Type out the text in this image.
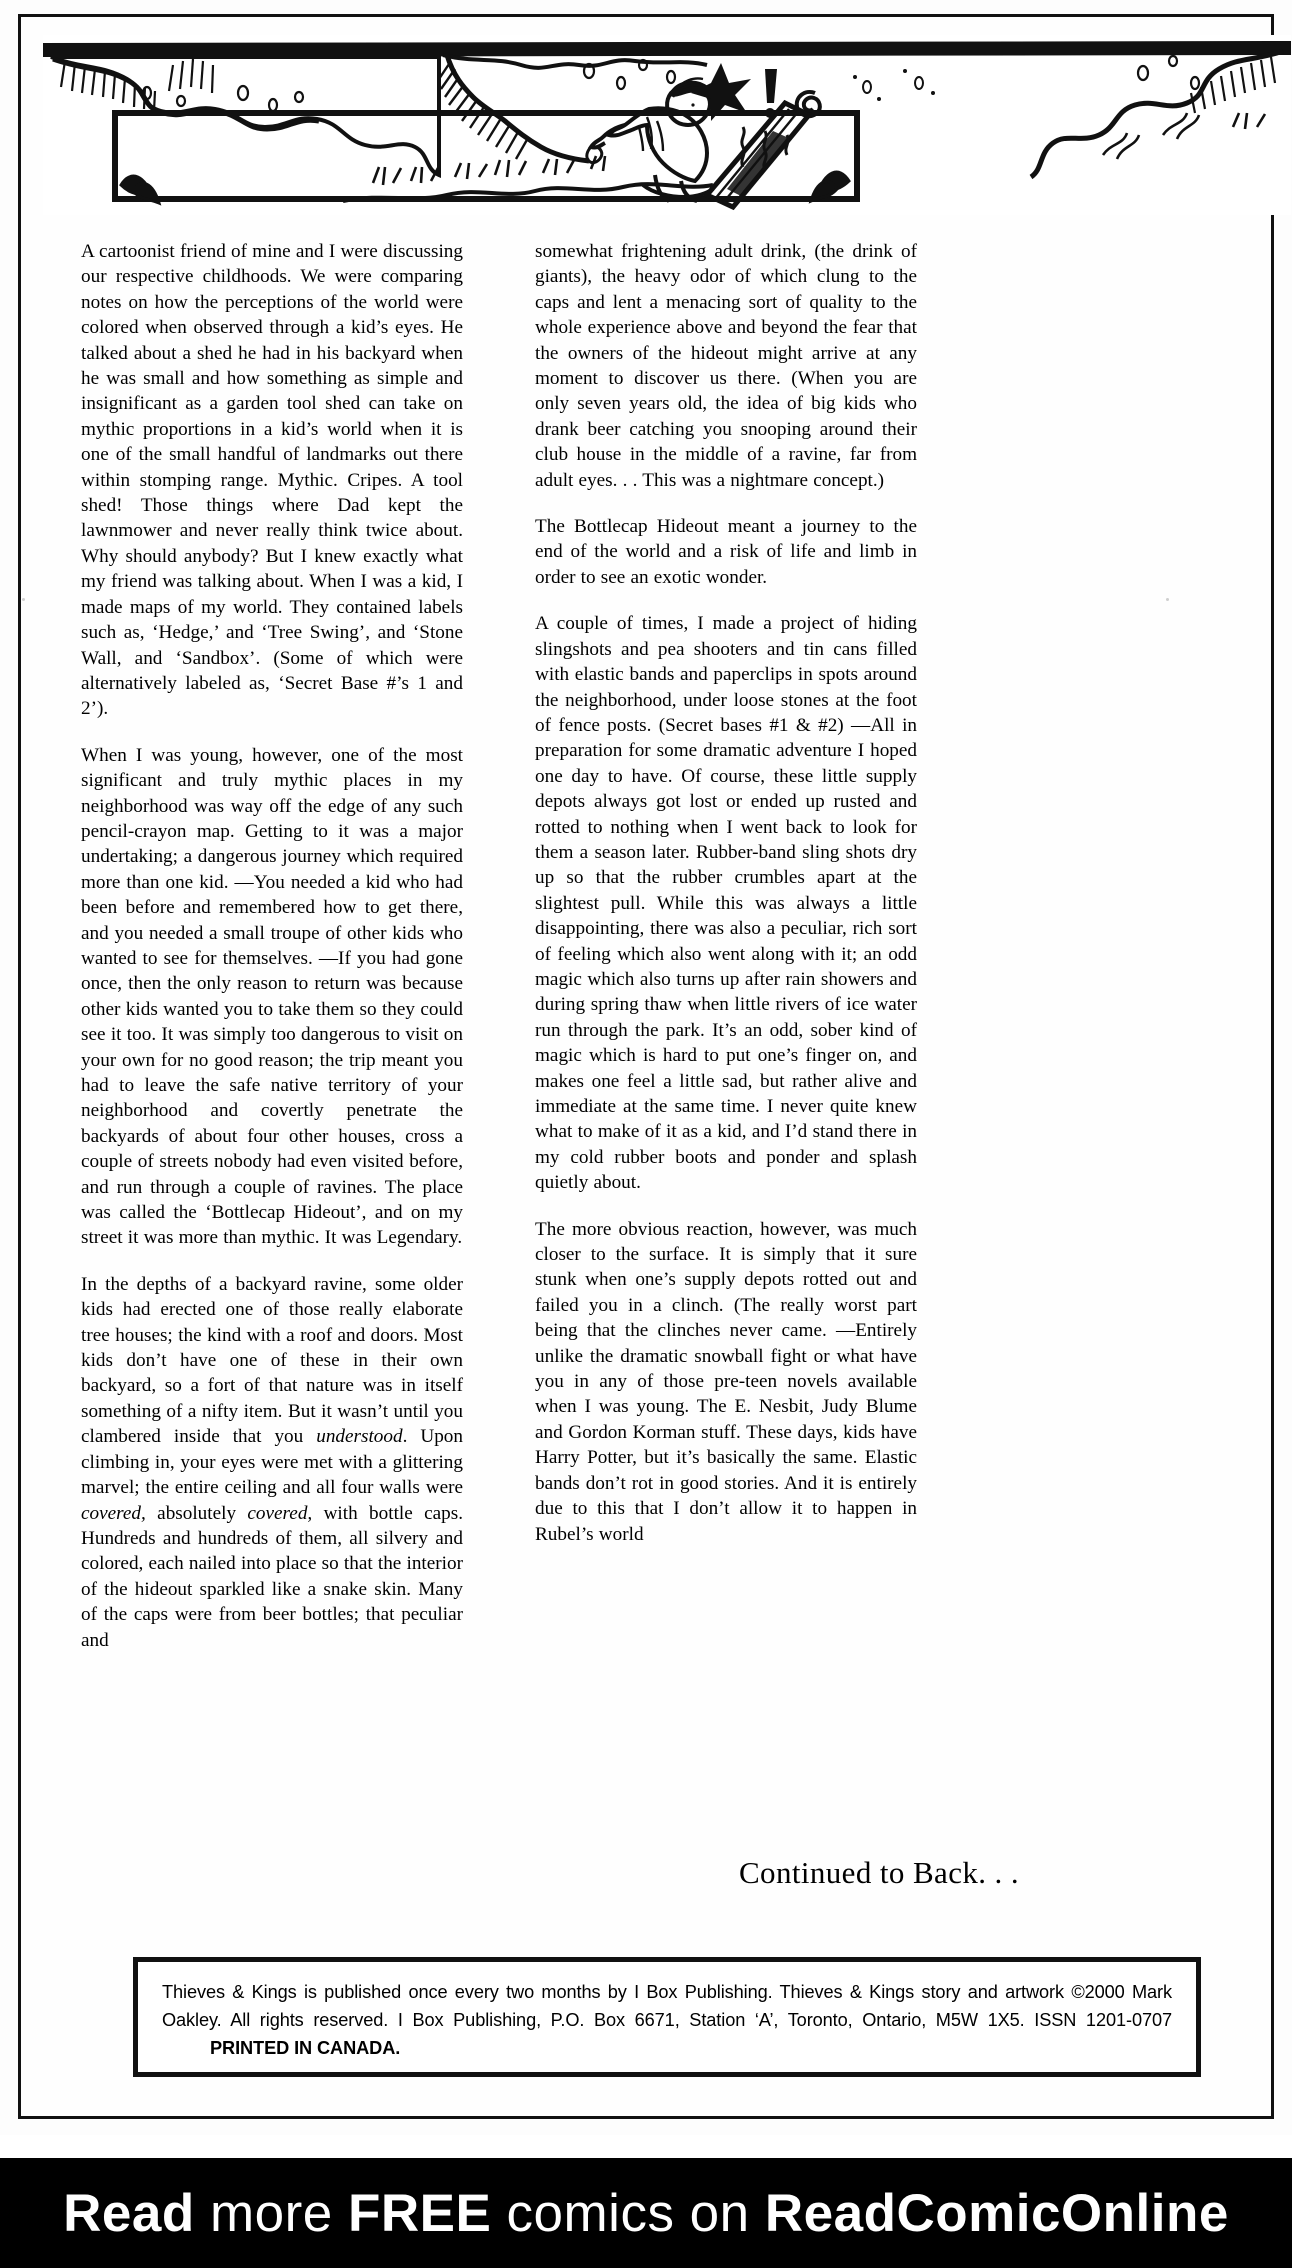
A cartoonist friend of mine and I were discussing our respective childhoods. We were comparing notes on how the perceptions of the world were colored when observed through a kid’s eyes. He talked about a shed he had in his backyard when he was small and how something as simple and insignificant as a garden tool shed can take on mythic proportions in a kid’s world when it is one of the small handful of landmarks out there within stomping range. Mythic. Cripes. A tool shed! Those things where Dad kept the lawnmower and never really think twice about. Why should anybody? But I knew exactly what my friend was talking about. When I was a kid, I made maps of my world. They contained labels such as, ‘Hedge,’ and ‘Tree Swing’, and ‘Stone Wall, and ‘Sandbox’. (Some of which were alternatively labeled as, ‘Secret Base #’s 1 and 2’).

When I was young, however, one of the most significant and truly mythic places in my neighborhood was way off the edge of any such pencil-crayon map. Getting to it was a major undertaking; a dangerous journey which required more than one kid. —You needed a kid who had been before and remembered how to get there, and you needed a small troupe of other kids who wanted to see for themselves. —If you had gone once, then the only reason to return was because other kids wanted you to take them so they could see it too. It was simply too dangerous to visit on your own for no good reason; the trip meant you had to leave the safe native territory of your neighborhood and covertly penetrate the backyards of about four other houses, cross a couple of streets nobody had even visited before, and run through a couple of ravines. The place was called the ‘Bottlecap Hideout’, and on my street it was more than mythic. It was Legendary.

In the depths of a backyard ravine, some older kids had erected one of those really elaborate tree houses; the kind with a roof and doors. Most kids don’t have one of these in their own backyard, so a fort of that nature was in itself something of a nifty item. But it wasn’t until you clambered inside that you understood. Upon climbing in, your eyes were met with a glittering marvel; the entire ceiling and all four walls were covered, absolutely covered, with bottle caps. Hundreds and hundreds of them, all silvery and colored, each nailed into place so that the interior of the hideout sparkled like a snake skin. Many of the caps were from beer bottles; that peculiar and

somewhat frightening adult drink, (the drink of giants), the heavy odor of which clung to the caps and lent a menacing sort of quality to the whole experience above and beyond the fear that the owners of the hideout might arrive at any moment to discover us there. (When you are only seven years old, the idea of big kids who drank beer catching you snooping around their club house in the middle of a ravine, far from adult eyes. . . This was a nightmare concept.)

The Bottlecap Hideout meant a journey to the end of the world and a risk of life and limb in order to see an exotic wonder.

A couple of times, I made a project of hiding slingshots and pea shooters and tin cans filled with elastic bands and paperclips in spots around the neighborhood, under loose stones at the foot of fence posts. (Secret bases #1 & #2) —All in preparation for some dramatic adventure I hoped one day to have. Of course, these little supply depots always got lost or ended up rusted and rotted to nothing when I went back to look for them a season later. Rubber-band sling shots dry up so that the rubber crumbles apart at the slightest pull. While this was always a little disappointing, there was also a peculiar, rich sort of feeling which also went along with it; an odd magic which also turns up after rain showers and during spring thaw when little rivers of ice water run through the park. It’s an odd, sober kind of magic which is hard to put one’s finger on, and makes one feel a little sad, but rather alive and immediate at the same time. I never quite knew what to make of it as a kid, and I’d stand there in my cold rubber boots and ponder and splash quietly about.

The more obvious reaction, however, was much closer to the surface. It is simply that it sure stunk when one’s supply depots rotted out and failed you in a clinch. (The really worst part being that the clinches never came. —Entirely unlike the dramatic snowball fight or what have you in any of those pre-teen novels available when I was young. The E. Nesbit, Judy Blume and Gordon Korman stuff. These days, kids have Harry Potter, but it’s basically the same. Elastic bands don’t rot in good stories. And it is entirely due to this that I don’t allow it to happen in Rubel’s world

Continued to Back. . .
Thieves & Kings is published once every two months by I Box Publishing. Thieves & Kings story and artwork ©2000 Mark Oakley. All rights reserved. I Box Publishing, P.O. Box 6671, Station ‘A’, Toronto, Ontario, M5W 1X5. ISSN 1201-0707 PRINTED IN CANADA.
Read more FREE comics on ReadComicOnline
